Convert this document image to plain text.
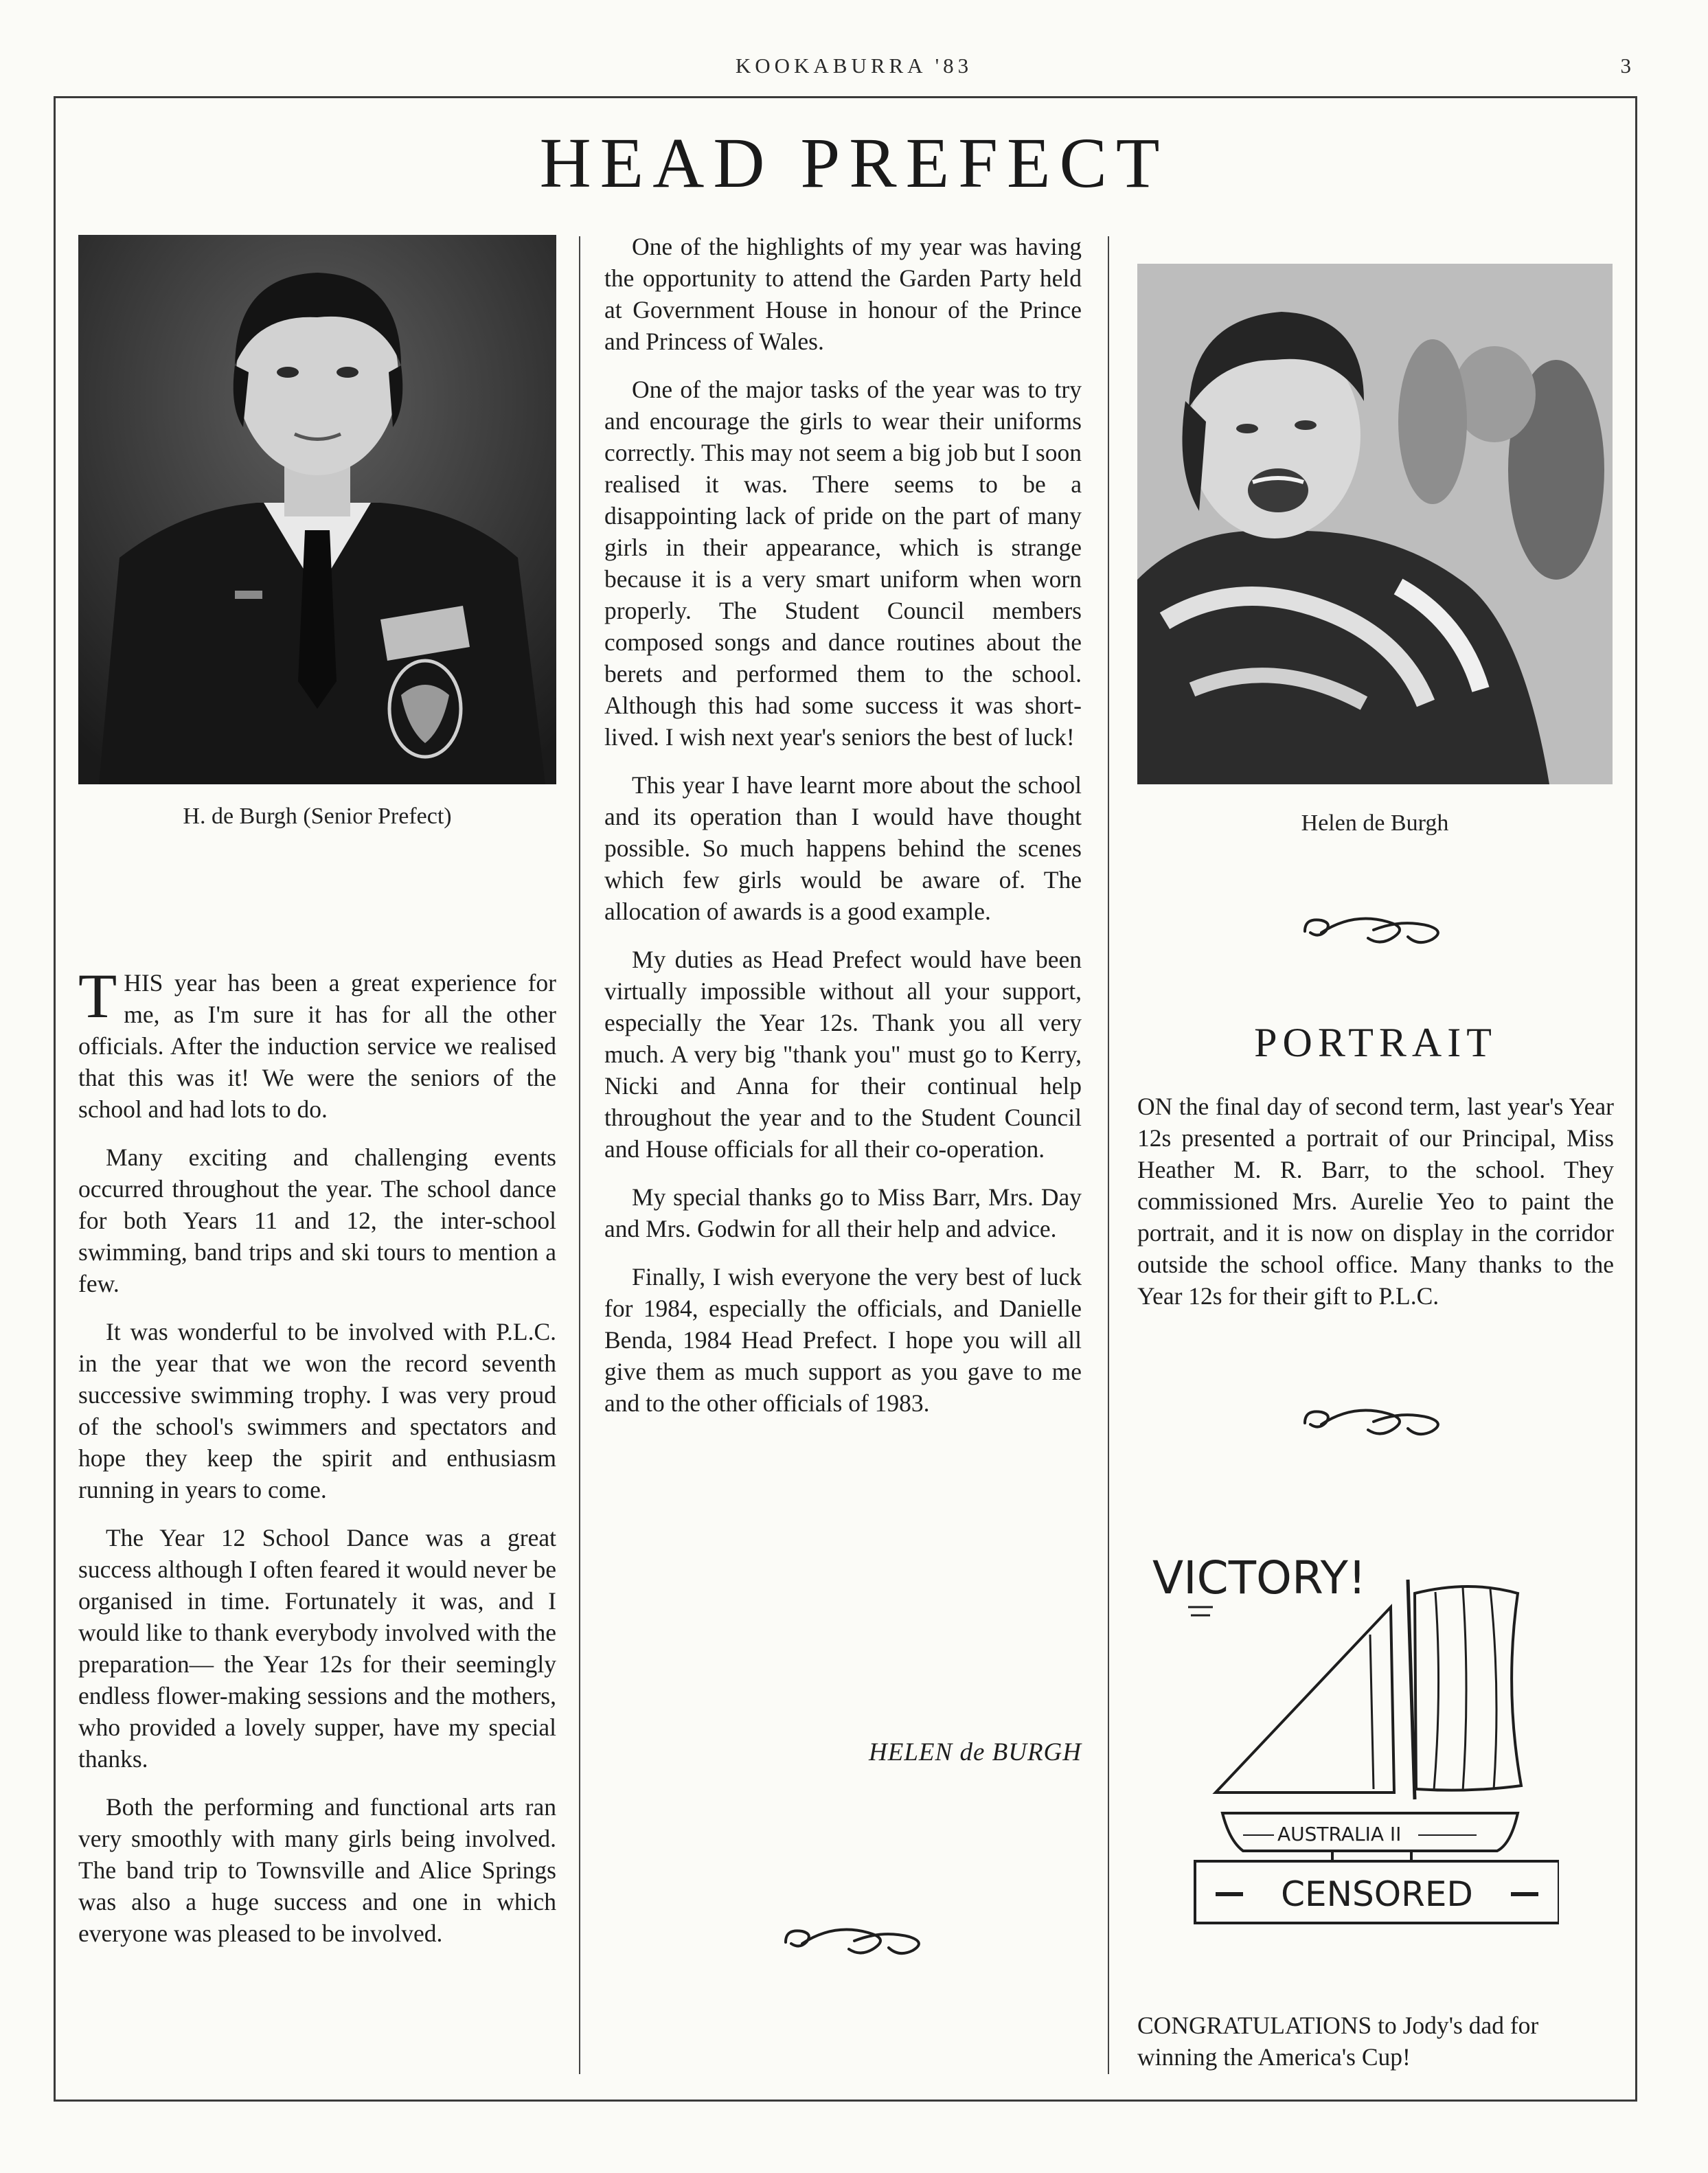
KOOKABURRA '83	3
HEAD PREFECT
H. de Burgh (Senior Prefect)	Helen de Burgh

THIS year has been a great experience for me, as I'm sure it has for all the other officials. After the induction service we realised that this was it! We were the seniors of the school and had lots to do.

Many exciting and challenging events occurred throughout the year. The school dance for both Years 11 and 12, the inter-school swimming, band trips and ski tours to mention a few.

It was wonderful to be involved with P.L.C. in the year that we won the record seventh successive swimming trophy. I was very proud of the school's swimmers and spectators and hope they keep the spirit and enthusiasm running in years to come.

The Year 12 School Dance was a great success although I often feared it would never be organised in time. Fortunately it was, and I would like to thank everybody involved with the preparation— the Year 12s for their seemingly endless flower-making sessions and the mothers, who provided a lovely supper, have my special thanks.

Both the performing and functional arts ran very smoothly with many girls being involved. The band trip to Townsville and Alice Springs was also a huge success and one in which everyone was pleased to be involved.

One of the highlights of my year was having the opportunity to attend the Garden Party held at Government House in honour of the Prince and Princess of Wales.

One of the major tasks of the year was to try and encourage the girls to wear their uniforms correctly. This may not seem a big job but I soon realised it was. There seems to be a disappointing lack of pride on the part of many girls in their appearance, which is strange because it is a very smart uniform when worn properly. The Student Council members composed songs and dance routines about the berets and performed them to the school. Although this had some success it was short-lived. I wish next year's seniors the best of luck!

This year I have learnt more about the school and its operation than I would have thought possible. So much happens behind the scenes which few girls would be aware of. The allocation of awards is a good example.

My duties as Head Prefect would have been virtually impossible without all your support, especially the Year 12s. Thank you all very much. A very big "thank you" must go to Kerry, Nicki and Anna for their continual help throughout the year and to the Student Council and House officials for all their co-operation.

My special thanks go to Miss Barr, Mrs. Day and Mrs. Godwin for all their help and advice.

Finally, I wish everyone the very best of luck for 1984, especially the officials, and Danielle Benda, 1984 Head Prefect. I hope you will all give them as much support as you gave to me and to the other officials of 1983.

HELEN de BURGH
PORTRAIT

ON the final day of second term, last year's Year 12s presented a portrait of our Principal, Miss Heather M. R. Barr, to the school. They commissioned Mrs. Aurelie Yeo to paint the portrait, and it is now on display in the corridor outside the school office. Many thanks to the Year 12s for their gift to P.L.C.

VICTORY!
AUSTRALIA II
CENSORED
CONGRATULATIONS to Jody's dad for winning the America's Cup!
